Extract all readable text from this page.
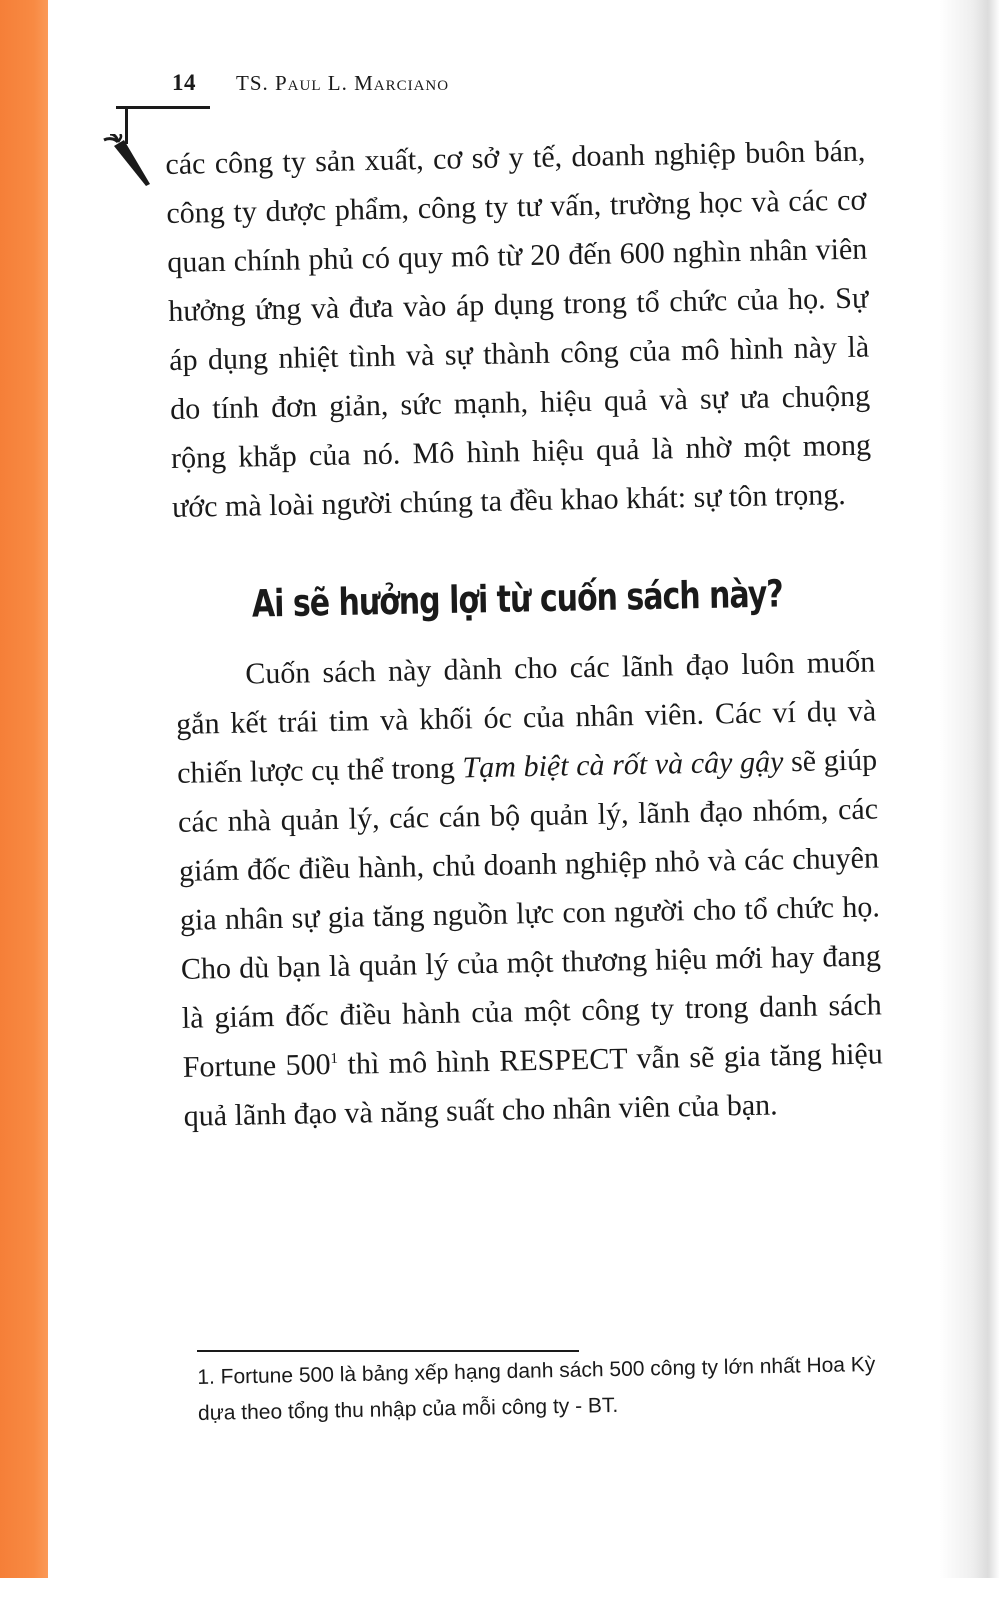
14 TS. Paul L. Marciano

các công ty sản xuất, cơ sở y tế, doanh nghiệp buôn bán, công ty dược phẩm, công ty tư vấn, trường học và các cơ quan chính phủ có quy mô từ 20 đến 600 nghìn nhân viên hưởng ứng và đưa vào áp dụng trong tổ chức của họ. Sự áp dụng nhiệt tình và sự thành công của mô hình này là do tính đơn giản, sức mạnh, hiệu quả và sự ưa chuộng rộng khắp của nó. Mô hình hiệu quả là nhờ một mong ước mà loài người chúng ta đều khao khát: sự tôn trọng.

Ai sẽ hưởng lợi từ cuốn sách này?

Cuốn sách này dành cho các lãnh đạo luôn muốn gắn kết trái tim và khối óc của nhân viên. Các ví dụ và chiến lược cụ thể trong Tạm biệt cà rốt và cây gậy sẽ giúp các nhà quản lý, các cán bộ quản lý, lãnh đạo nhóm, các giám đốc điều hành, chủ doanh nghiệp nhỏ và các chuyên gia nhân sự gia tăng nguồn lực con người cho tổ chức họ. Cho dù bạn là quản lý của một thương hiệu mới hay đang là giám đốc điều hành của một công ty trong danh sách Fortune $500^1$ thì mô hình RESPECT vẫn sẽ gia tăng hiệu quả lãnh đạo và năng suất cho nhân viên của bạn.

1. Fortune 500 là bảng xếp hạng danh sách 500 công ty lớn nhất Hoa Kỳ dựa theo tổng thu nhập của mỗi công ty - BT.
